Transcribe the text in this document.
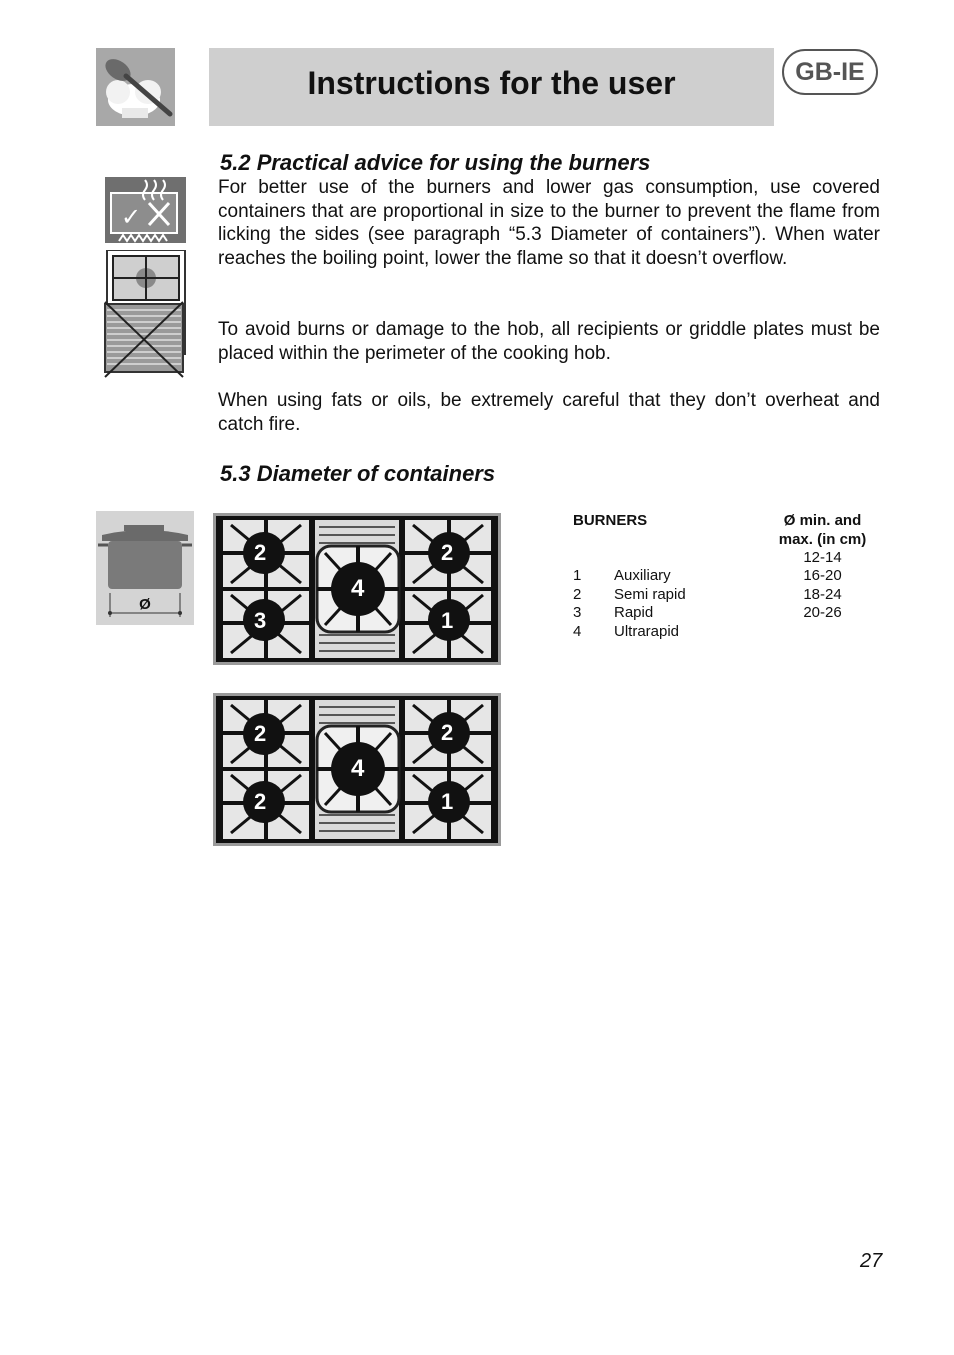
Instructions for the user	GB-IE
5.2 Practical advice for using the burners
✓
For better use of the burners and lower gas consumption, use covered containers that are proportional in size to the burner to prevent the flame from licking the sides (see paragraph “5.3 Diameter of containers”). When water reaches the boiling point, lower the flame so that it doesn’t overflow.
To avoid burns or damage to the hob, all recipients or griddle plates must be placed within the perimeter of the cooking hob.
When using fats or oils, be extremely careful that they don’t overheat and catch fire.
5.3 Diameter of containers
Ø
2
3
4
2
1
2
2
4
2
1
BURNERS	Ø min. and
max. (in cm)
12-14
16-20
18-24
20-26
1 Auxiliary
2 Semi rapid
3 Rapid
4 Ultrarapid
27
